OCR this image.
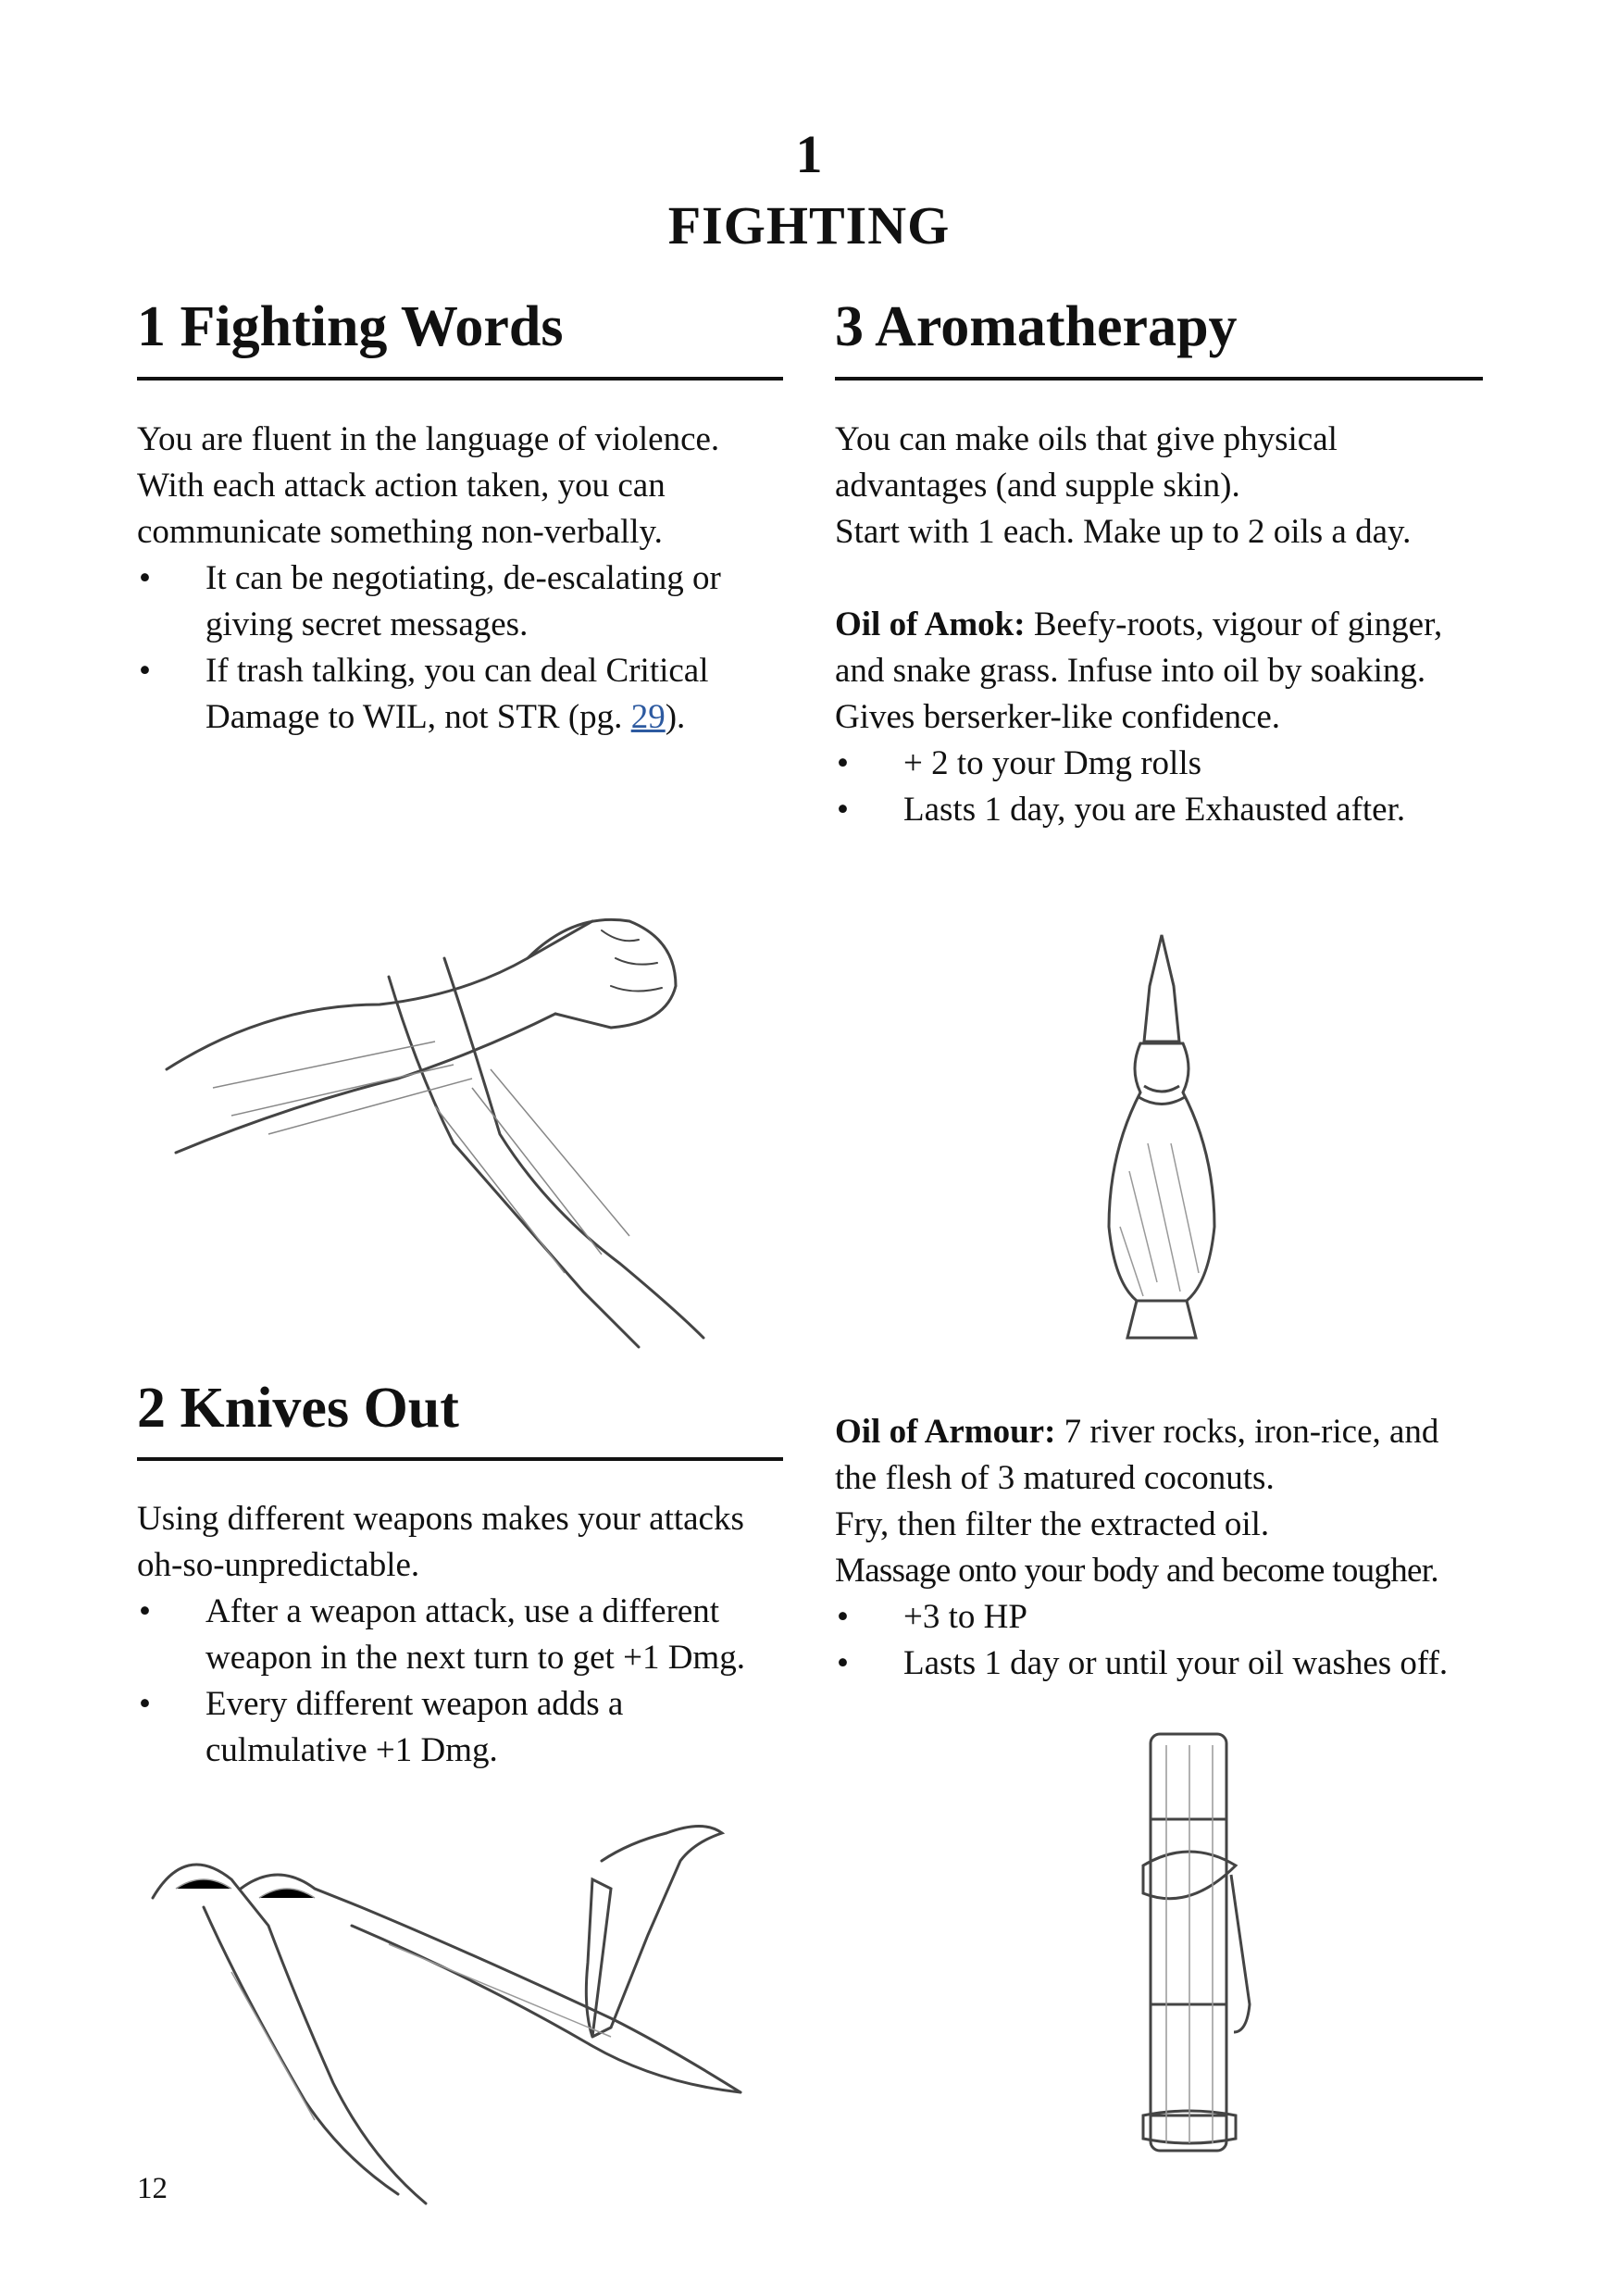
1
FIGHTING
1 Fighting Words

You are fluent in the language of violence.

With each attack action taken, you can

communicate something non-verbally.

• It can be negotiating, de-escalating or

giving secret messages.

• If trash talking, you can deal Critical

Damage to WIL, not STR (pg. 29).

3 Aromatherapy

You can make oils that give physical

advantages (and supple skin).

Start with 1 each. Make up to 2 oils a day.

Oil of Amok: Beefy-roots, vigour of ginger,

and snake grass. Infuse into oil by soaking.

Gives berserker-like confidence.

• + 2 to your Dmg rolls

• Lasts 1 day, you are Exhausted after.

Oil of Armour: 7 river rocks, iron-rice, and

the flesh of 3 matured coconuts.

Fry, then filter the extracted oil.

Massage onto your body and become tougher.

• +3 to HP

• Lasts 1 day or until your oil washes off.

2 Knives Out

Using different weapons makes your attacks

oh-so-unpredictable.

• After a weapon attack, use a different

weapon in the next turn to get +1 Dmg.

• Every different weapon adds a

culmulative +1 Dmg.

12
